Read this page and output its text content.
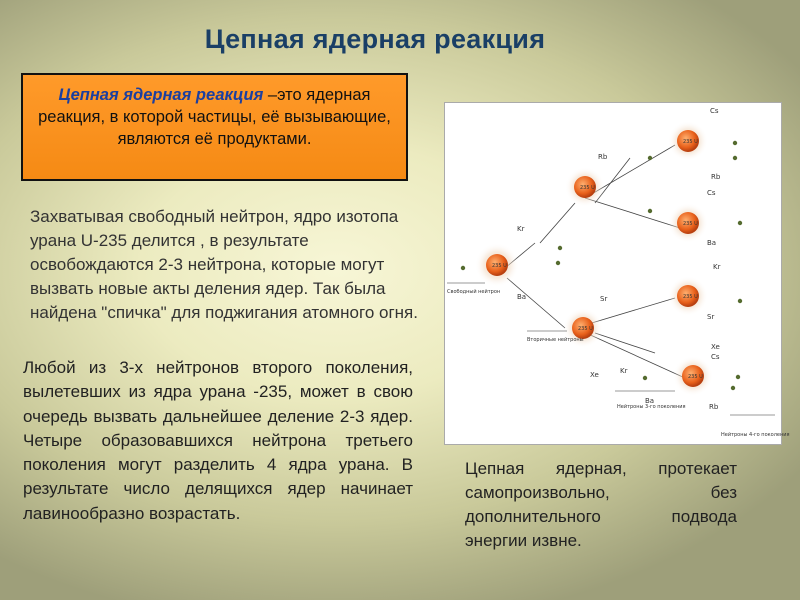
Цепная ядерная реакция
Цепная ядерная реакция –это ядерная реакция, в которой частицы, её вызывающие, являются её продуктами.
Захватывая свободный нейтрон, ядро изотопа урана U-235 делится , в результате освобождаются 2-3 нейтрона, которые могут вызвать новые акты деления ядер. Так была найдена "спичка" для поджигания атомного огня.
Любой из 3-х нейтронов второго поколения, вылетевших из ядра урана -235, может в свою очередь вызвать дальнейшее деление 2-3 ядер. Четыре образовавшихся нейтрона третьего поколения могут разделить 4 ядра урана. В результате число делящихся ядер начинает лавинообразно возрастать.
Цепная ядерная, протекает самопроизвольно, без дополнительного подвода энергии извне.
235 U
235 U
235 U
235 U
235 U
235 U
235 U
Kr
Ba
Rb
Cs
Sr
Xe
Cs
Rb
Ba
Kr
Sr
Xe
Rb
Cs
Kr
Ba
Свободный нейтрон
Вторичные нейтроны
Нейтроны 3-го поколения
Нейтроны 4-го поколения
